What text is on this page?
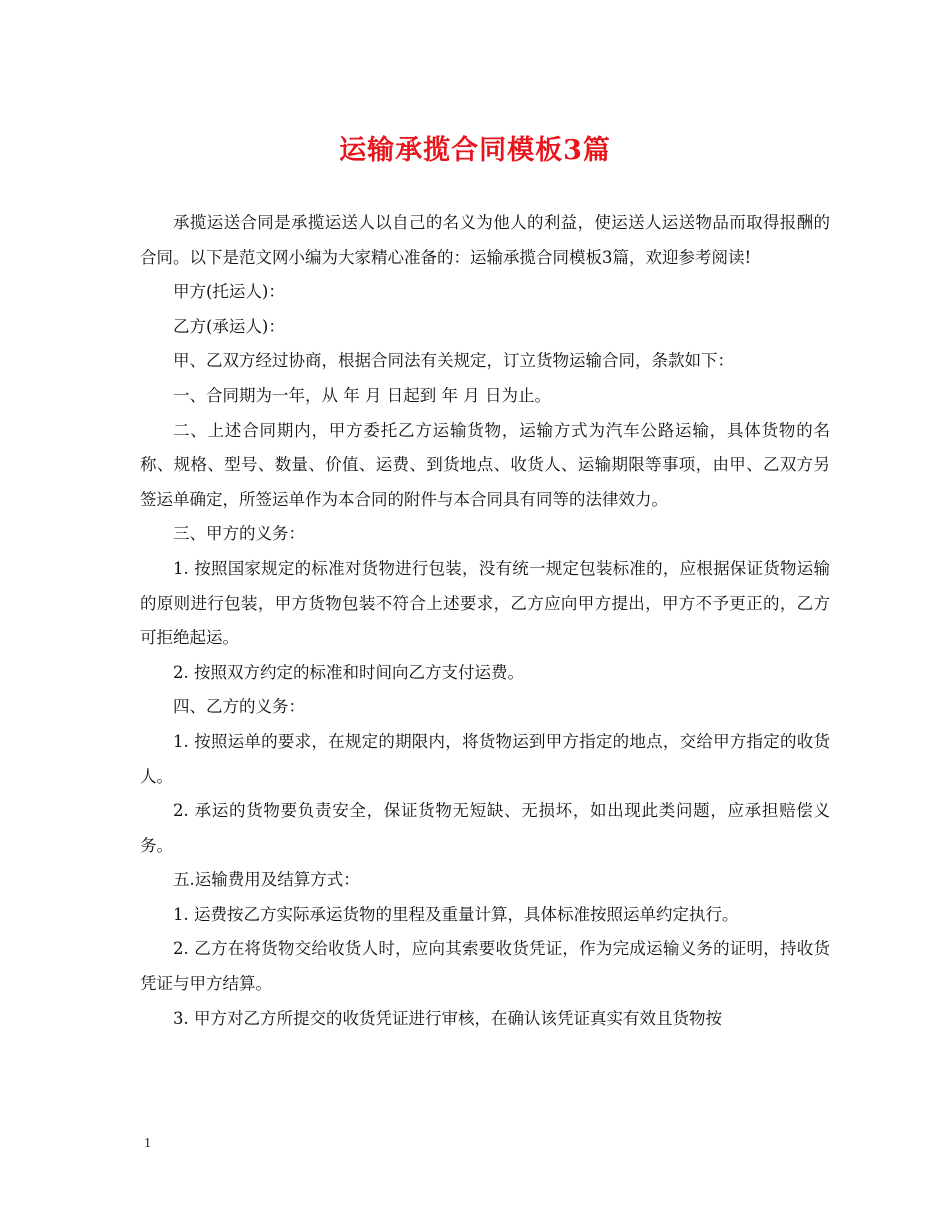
运输承揽合同模板3篇

承揽运送合同是承揽运送人以自己的名义为他人的利益，使运送人运送物品而取得报酬的合同。以下是范文网小编为大家精心准备的：运输承揽合同模板3篇，欢迎参考阅读!

甲方(托运人)：

乙方(承运人)：

甲、乙双方经过协商，根据合同法有关规定，订立货物运输合同，条款如下：

一、合同期为一年，从 年 月 日起到 年 月 日为止。

二、上述合同期内，甲方委托乙方运输货物，运输方式为汽车公路运输，具体货物的名称、规格、型号、数量、价值、运费、到货地点、收货人、运输期限等事项，由甲、乙双方另签运单确定，所签运单作为本合同的附件与本合同具有同等的法律效力。

三、甲方的义务：

1. 按照国家规定的标准对货物进行包装，没有统一规定包装标准的，应根据保证货物运输的原则进行包装，甲方货物包装不符合上述要求，乙方应向甲方提出，甲方不予更正的，乙方可拒绝起运。

2. 按照双方约定的标准和时间向乙方支付运费。

四、乙方的义务：

1. 按照运单的要求，在规定的期限内，将货物运到甲方指定的地点，交给甲方指定的收货人。

2. 承运的货物要负责安全，保证货物无短缺、无损坏，如出现此类问题，应承担赔偿义务。

五.运输费用及结算方式：

1. 运费按乙方实际承运货物的里程及重量计算，具体标准按照运单约定执行。

2. 乙方在将货物交给收货人时，应向其索要收货凭证，作为完成运输义务的证明，持收货凭证与甲方结算。

3. 甲方对乙方所提交的收货凭证进行审核，在确认该凭证真实有效且货物按

1
